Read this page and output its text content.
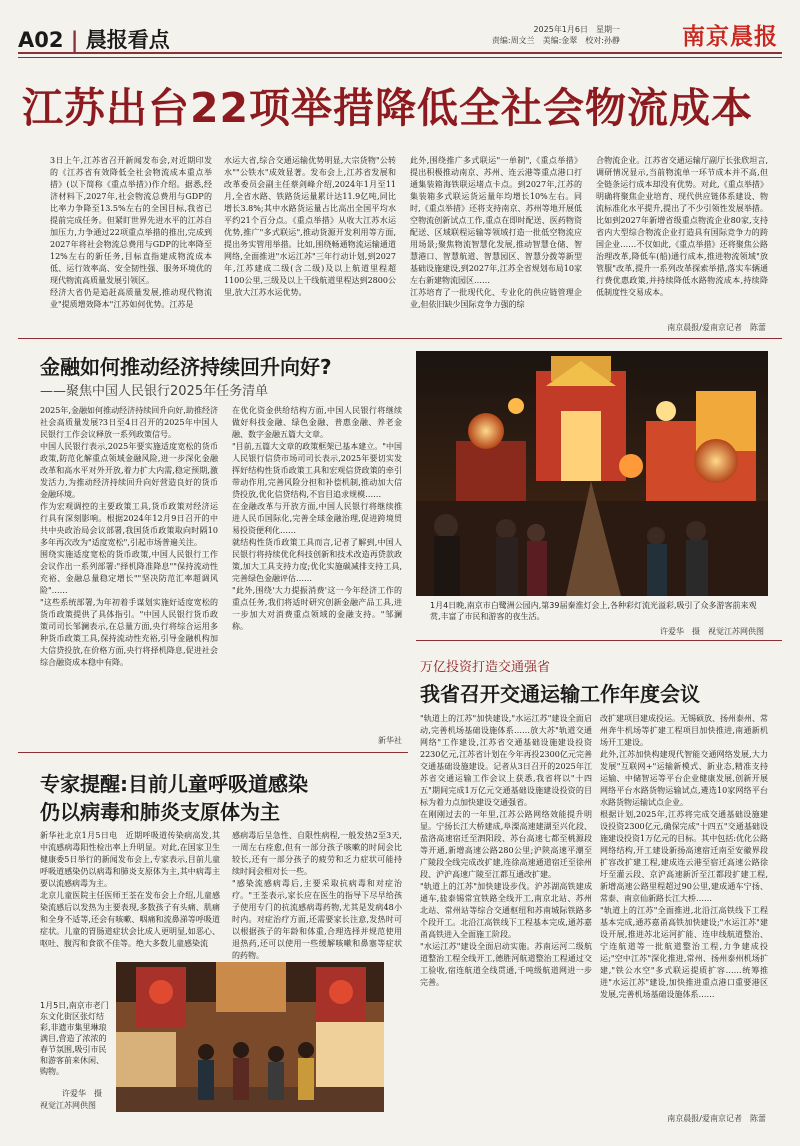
A02 | 晨报看点	2025年1月6日　星期一
责编:周文兰　美编:金翠　校对:孙静	南京晨报
江苏出台22项举措降低全社会物流成本
3日上午,江苏省召开新闻发布会,对近期印发的《江苏省有效降低全社会物流成本重点举措》(以下简称《重点举措》)作介绍。据悉,经济材料下,2027年,社会物流总费用与GDP的比率力争降至13.5%左右的全国目标,我省已提前完成任务。但紧盯世界先进水平的江苏自加压力,力争通过22项重点举措的推出,完成到2027年将社会物流总费用与GDP的比率降至12%左右的新任务,目标直指建成物流成本低、运行效率高、安全韧性强、服务环境优的现代物流高质量发展引领区。
经济大省仍是追赶高质量发展,推动现代物流业"提质增效降本"江苏如何优势。江苏是
水运大省,综合交通运输优势明显,大宗货物"公转水""公铁水"成效显著。发布会上,江苏省发展和改革委员会副主任蔡剑峰介绍,2024年1月至11月,全省水路、铁路货运量累计达11.9亿吨,同比增长3.8%;其中水路货运量占比高出全国平均水平约21个百分点。《重点举措》从收大江苏水运优势,推广"多式联运",推动货源开发利用等方面,提出务实管用举措。比如,围绕畅通物流运输通道网络,全面推进"水运江苏"三年行动计划,到2027年,江苏建成二级(含二级)及以上航道里程超1100公里,三级及以上干线航道里程达到2800公里,放大江苏水运优势。
此外,围绕推广多式联运"一单制",《重点举措》提出积极推动南京、苏州、连云港等重点港口打通集装箱海铁联运堵点卡点。到2027年,江苏的集装箱多式联运货运量年均增长10%左右。同时,《重点举措》还将支持南京、苏州等地开展低空物流创新试点工作,重点在即时配送、医药物资配送、区域联程运输等领域打造一批低空物流应用场景;聚焦物流智慧化发展,推动智慧仓储、智慧港口、智慧航道、智慧园区、智慧分拨等新型基础设施建设,到2027年,江苏全省规划布局10家左右新建物流园区……
江苏培育了一批现代化、专业化的供应链管理企业,但依旧缺少国际竞争力强的综
合物流企业。江苏省交通运输厅副厅长张欣坦言,调研情况显示,当前物流单一环节成本并不高,但全链条运行成本却没有优势。对此,《重点举措》明确将聚焦企业培育、现代供应链体系建设、物流标准化水平提升,提出了不少引领性发展举措。比如到2027年新增省级重点物流企业80家,支持省内大型综合物流企业打造具有国际竞争力的跨国企业……不仅如此,《重点举措》还将聚焦公路治理改革,降低车(船)通行成本,推进物流领域"放管服"改革,提升一系列改革探索举措,落实车辆通行费优惠政策,并持续降低水路物流成本,持续降低制度性交易成本。
南京晨报/爱南京记者　陈蕾
金融如何推动经济持续回升向好?
——聚焦中国人民银行2025年任务清单
2025年,金融如何推动经济持续回升向好,助推经济社会高质量发展?3日至4日召开的2025年中国人民银行工作会议释放一系列政策信号。
中国人民银行表示,2025年要实施适度宽松的货币政策,防范化解重点领域金融风险,进一步深化金融改革和高水平对外开放,着力扩大内需,稳定预期,激发活力,为推动经济持续回升向好营造良好的货币金融环境。
作为宏观调控的主要政策工具,货币政策对经济运行具有深刻影响。根据2024年12月9日召开的中共中央政治局会议部署,我国货币政策取向时隔10多年再次改为"适度宽松",引起市场普遍关注。
围绕实施适度宽松的货币政策,中国人民银行工作会议作出一系列部署:"择机降准降息""保持流动性充裕、金融总量稳定增长""坚决防范汇率超调风险"……
"这些系统部署,为年初着手谋划实施好适度宽松的货币政策提供了具体指引。"中国人民银行货币政策司司长邹澜表示,在总量方面,央行将综合运用多种货币政策工具,保持流动性充裕,引导金融机构加大信贷投放,在价格方面,央行将择机降息,促进社会综合融资成本稳中有降。
在优化资金供给结构方面,中国人民银行将继续做好科技金融、绿色金融、普惠金融、养老金融、数字金融五篇大文章。
"目前,五篇大文章的政策框架已基本建立。"中国人民银行信贷市场司司长表示,2025年要切实发挥好结构性货币政策工具和宏观信贷政策的牵引带动作用,完善风险分担和补偿机制,推动加大信贷投放,优化信贷结构,不盲目追求规模……
在金融改革与开放方面,中国人民银行将继续推进人民币国际化,完善全球金融治理,促进跨境贸易投资便利化……
就结构性货币政策工具而言,记者了解到,中国人民银行将持续优化科技创新和技术改造再贷款政策,加大工具支持力度;优化实施碳减排支持工具,完善绿色金融评估……
"此外,围绕'大力提振消费'这一今年经济工作的重点任务,我们将适时研究创新金融产品工具,进一步加大对消费重点领域的金融支持。"邹澜称。
新华社
1月4日晚,南京市白鹭洲公园内,第39届秦淮灯会上,各种彩灯流光溢彩,吸引了众多游客前来观赏,丰富了市民和游客的夜生活。
许爱华　摄　视觉江苏网供图
万亿投资打造交通强省
我省召开交通运输工作年度会议
"轨道上的江苏"加快建设,"水运江苏"建设全面启动,完善机场基础设施体系……放大苏"轨道交通网络"工作建设,江苏省交通基础设施建设投资2230亿元,江苏省计划在今年再投2300亿元完善交通基础设施建设。记者从3日召开的2025年江苏省交通运输工作会议上获悉,我省将以"十四五"期间完成1万亿元交通基础设施建设投资的目标为着力点加快建设交通强省。
在刚刚过去的一年里,江苏公路网络效能提升明显。宁扬长江大桥建成,阜溧高速建湖至兴化段、盐洛高速宿迁至泗阳段、苏台高速七都至桃源段等开通,新增高速公路280公里;沪陕高速平潮至广陵段全线完成改扩建,连徐高速通道宿迁至徐州段、沪沪高速广陵至江都互通改扩建。
"轨道上的江苏"加快建设步伐。沪苏湖高铁建成通车,盐泰锡常宜铁路全线开工,南京北站、苏州北站、常州站等综合交通枢纽和苏南城际铁路多个段开工。北沿江高铁线下工程基本完成,通苏嘉甬高铁进入全面施工阶段。
"水运江苏"建设全面启动实施。苏南运河二级航道整治工程全线开工,德胜河航道整治工程通过交工验收,宿连航道全线贯通,千吨级航道网进一步完善。
改扩建项目建成投运。无锡硕放、扬州泰州、常州奔牛机场等扩建工程项目加快推进,南通新机场开工建设。
此外,江苏加快构建现代智能交通网络发展,大力发展"互联网+"运输新模式、新业态,精准支持运输、中储智运等平台企业健康发展,创新开展网络平台水路货物运输试点,遴选10家网络平台水路货物运输试点企业。
根据计划,2025年,江苏将完成交通基础设施建设投资2300亿元,确保完成"十四五"交通基础设施建设投资1万亿元的目标。其中包括:优化公路网络结构,开工建设新扬高速宿迁南至安徽界段扩容改扩建工程,建成连云港至宿迁高速公路徐圩至灌云段、京沪高速新沂至江都段扩建工程,新增高速公路里程超过90公里,建成通车宁扬、常泰、南京仙新路长江大桥……
"轨道上的江苏"全面推进,北沿江高铁线下工程基本完成,通苏嘉甬高铁加快建设;"水运江苏"建设开展,推进苏北运河扩能、连申线航道整治、宁连航道等一批航道整治工程,力争建成投运;"空中江苏"深化推进,常州、扬州泰州机场扩建,"铁公水空"多式联运提质扩容……统筹推进"水运江苏"建设,加快推进重点港口重要港区发展,完善机场基础设施体系……
南京晨报/爱南京记者　陈蕾
专家提醒:目前儿童呼吸道感染
仍以病毒和肺炎支原体为主
新华社北京1月5日电　近期呼吸道传染病高发,其中流感病毒阳性检出率上升明显。对此,在国家卫生健康委5日举行的新闻发布会上,专家表示,目前儿童呼吸道感染仍以病毒和肺炎支原体为主,其中病毒主要以流感病毒为主。
北京儿童医院主任医师王荃在发布会上介绍,儿童感染流感后以发热为主要表现,多数孩子有头痛、肌痛和全身不适等,还会有咳嗽、咽痛和流鼻涕等呼吸道症状。儿童的胃肠道症状会比成人更明显,如恶心、呕吐、腹泻和食欲不佳等。绝大多数儿童感染流
感病毒后呈急性、自限性病程,一般发热2至3天,一周左右痊愈,但有一部分孩子咳嗽的时间会比较长,还有一部分孩子的疲劳和乏力症状可能持续时间会相对长一些。
"感染流感病毒后,主要采取抗病毒和对症治疗。"王荃表示,家长应在医生的指导下尽早给孩子使用专门的抗流感病毒药物,尤其是发病48小时内。对症治疗方面,还需要家长注意,发热时可以根据孩子的年龄和体重,合理选择并规范使用退热药,还可以使用一些缓解咳嗽和鼻塞等症状的药物。
1月5日,南京市老门东文化街区张灯结彩,非遗市集里琳琅满目,营造了浓浓的春节氛围,吸引市民和游客前来休闲、购物。
许爱华　摄
视觉江苏网供图
